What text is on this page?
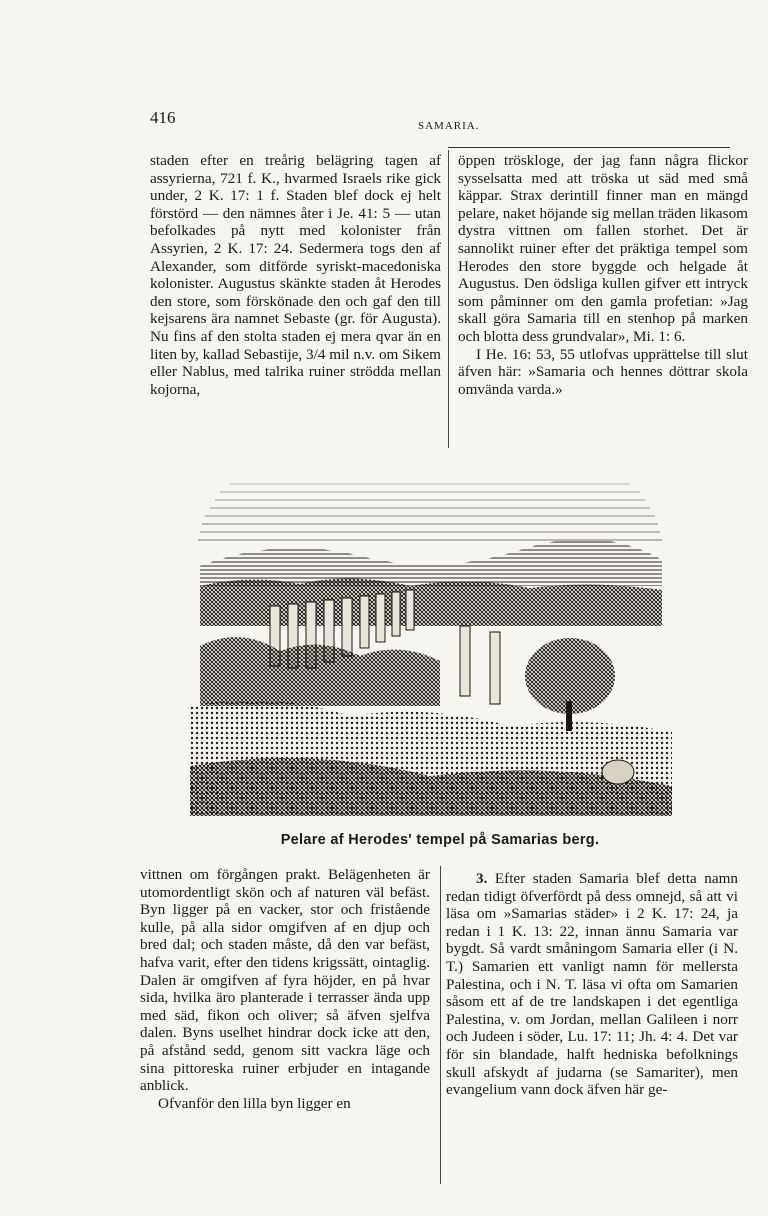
416	SAMARIA.

staden efter en treårig belägring tagen af assyrierna, 721 f. K., hvarmed Israels rike gick under, 2 K. 17: 1 f. Staden blef dock ej helt förstörd — den nämnes åter i Je. 41: 5 — utan befolkades på nytt med kolonister från Assyrien, 2 K. 17: 24. Sedermera togs den af Alexander, som ditförde syriskt-macedoniska kolonister. Augustus skänkte staden åt Herodes den store, som förskönade den och gaf den till kejsarens ära namnet Sebaste (gr. för Augusta). Nu fins af den stolta staden ej mera qvar än en liten by, kallad Sebastije, 3/4 mil n.v. om Sikem eller Nablus, med talrika ruiner strödda mellan kojorna,

öppen tröskloge, der jag fann några flickor sysselsatta med att tröska ut säd med små käppar. Strax derintill finner man en mängd pelare, naket höjande sig mellan träden likasom dystra vittnen om fallen storhet. Det är sannolikt ruiner efter det präktiga tempel som Herodes den store byggde och helgade åt Augustus. Den ödsliga kullen gifver ett intryck som påminner om den gamla profetian: »Jag skall göra Samaria till en stenhop på marken och blotta dess grundvalar», Mi. 1: 6.

I He. 16: 53, 55 utlofvas upprättelse till slut äfven här: »Samaria och hennes döttrar skola omvända varda.»

Pelare af Herodes' tempel på Samarias berg.

vittnen om förgången prakt. Belägenheten är utomordentligt skön och af naturen väl befäst. Byn ligger på en vacker, stor och fristående kulle, på alla sidor omgifven af en djup och bred dal; och staden måste, då den var befäst, hafva varit, efter den tidens krigssätt, ointaglig. Dalen är omgifven af fyra höjder, en på hvar sida, hvilka äro planterade i terrasser ända upp med säd, fikon och oliver; så äfven sjelfva dalen. Byns uselhet hindrar dock icke att den, på afstånd sedd, genom sitt vackra läge och sina pittoreska ruiner erbjuder en intagande anblick.

Ofvanför den lilla byn ligger en

3. Efter staden Samaria blef detta namn redan tidigt öfverfördt på dess omnejd, så att vi läsa om »Samarias städer» i 2 K. 17: 24, ja redan i 1 K. 13: 22, innan ännu Samaria var bygdt. Så vardt småningom Samaria eller (i N. T.) Samarien ett vanligt namn för mellersta Palestina, och i N. T. läsa vi ofta om Samarien såsom ett af de tre landskapen i det egentliga Palestina, v. om Jordan, mellan Galileen i norr och Judeen i söder, Lu. 17: 11; Jh. 4: 4. Det var för sin blandade, halft hedniska befolknings skull afskydt af judarna (se Samariter), men evangelium vann dock äfven här ge-
